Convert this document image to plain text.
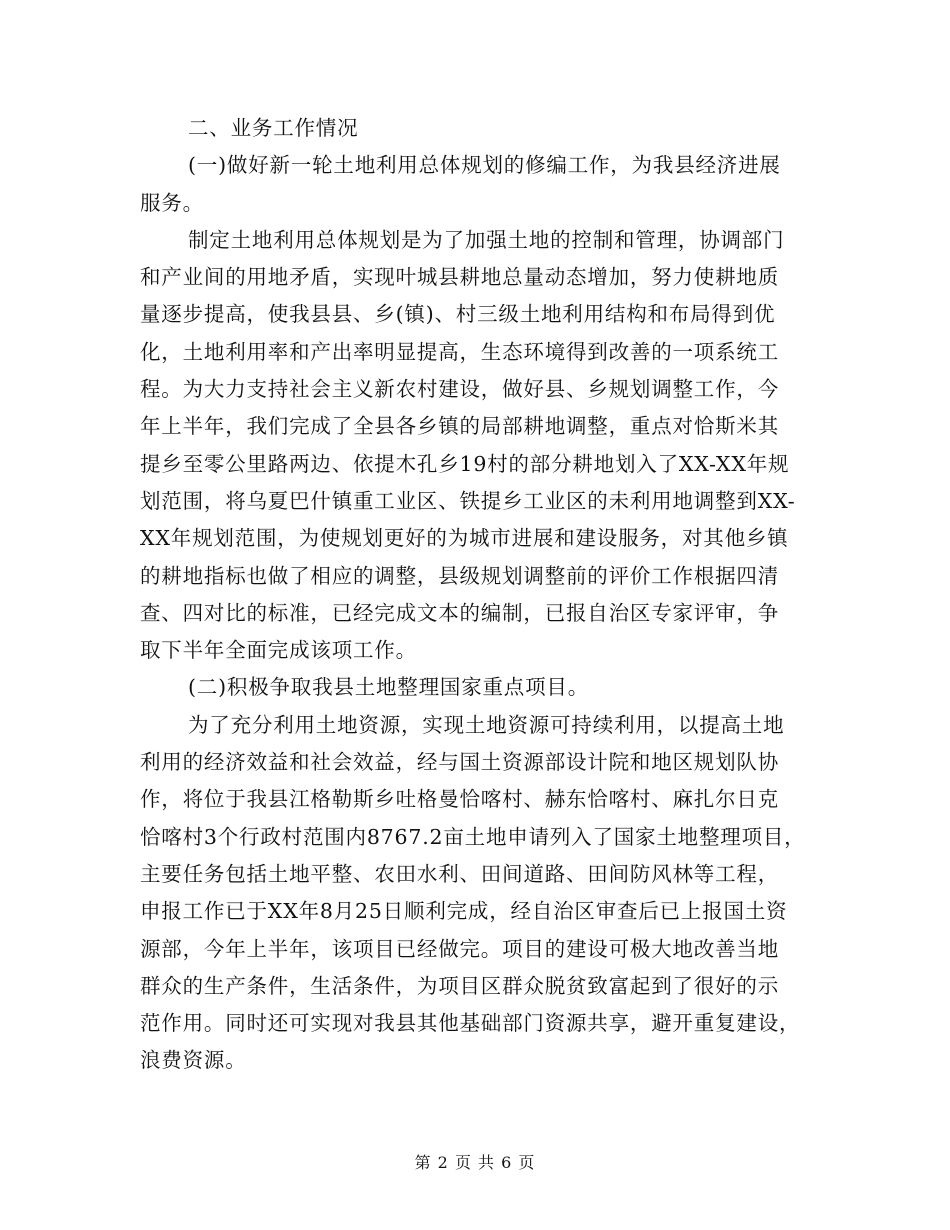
二、业务工作情况
(一)做好新一轮土地利用总体规划的修编工作，为我县经济进展
服务。
制定土地利用总体规划是为了加强土地的控制和管理，协调部门
和产业间的用地矛盾，实现叶城县耕地总量动态增加，努力使耕地质
量逐步提高，使我县县、乡(镇)、村三级土地利用结构和布局得到优
化，土地利用率和产出率明显提高，生态环境得到改善的一项系统工
程。为大力支持社会主义新农村建设，做好县、乡规划调整工作，今
年上半年，我们完成了全县各乡镇的局部耕地调整，重点对恰斯米其
提乡至零公里路两边、依提木孔乡19村的部分耕地划入了XX-XX年规
划范围，将乌夏巴什镇重工业区、铁提乡工业区的未利用地调整到XX-
XX年规划范围，为使规划更好的为城市进展和建设服务，对其他乡镇
的耕地指标也做了相应的调整，县级规划调整前的评价工作根据四清
查、四对比的标准，已经完成文本的编制，已报自治区专家评审，争
取下半年全面完成该项工作。
(二)积极争取我县土地整理国家重点项目。
为了充分利用土地资源，实现土地资源可持续利用，以提高土地
利用的经济效益和社会效益，经与国土资源部设计院和地区规划队协
作，将位于我县江格勒斯乡吐格曼恰喀村、赫东恰喀村、麻扎尔日克
恰喀村3个行政村范围内8767.2亩土地申请列入了国家土地整理项目，
主要任务包括土地平整、农田水利、田间道路、田间防风林等工程，
申报工作已于XX年8月25日顺利完成，经自治区审查后已上报国土资
源部，今年上半年，该项目已经做完。项目的建设可极大地改善当地
群众的生产条件，生活条件，为项目区群众脱贫致富起到了很好的示
范作用。同时还可实现对我县其他基础部门资源共享，避开重复建设，
浪费资源。
第 2 页 共 6 页
